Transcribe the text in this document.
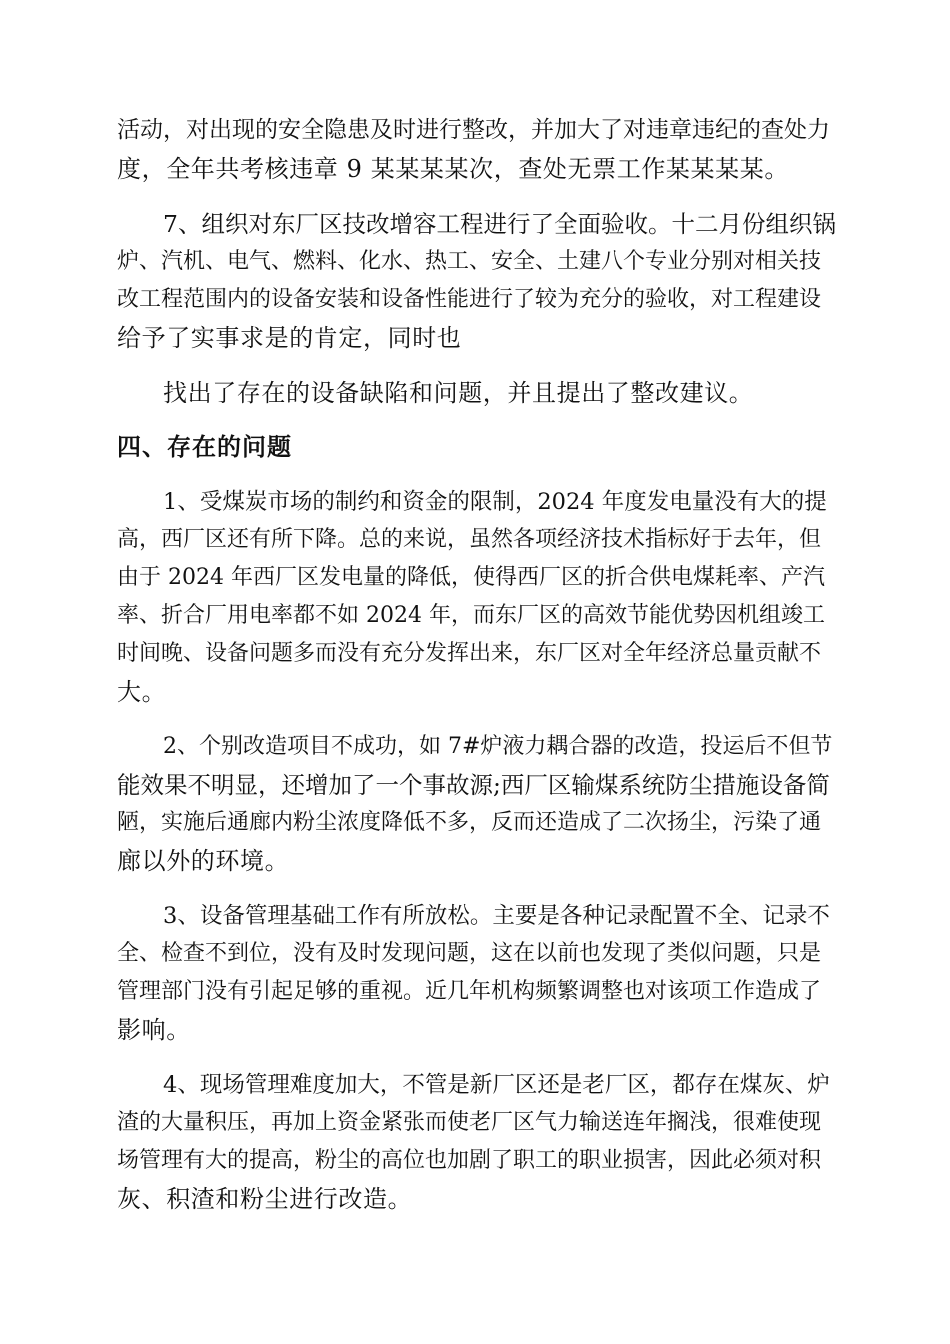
活动，对出现的安全隐患及时进行整改，并加大了对违章违纪的查处力
度，全年共考核违章 9 某某某某次，查处无票工作某某某某。
7、组织对东厂区技改增容工程进行了全面验收。十二月份组织锅
炉、汽机、电气、燃料、化水、热工、安全、土建八个专业分别对相关技
改工程范围内的设备安装和设备性能进行了较为充分的验收，对工程建设
给予了实事求是的肯定，同时也
找出了存在的设备缺陷和问题，并且提出了整改建议。
四、存在的问题
1、受煤炭市场的制约和资金的限制，2024 年度发电量没有大的提
高，西厂区还有所下降。总的来说，虽然各项经济技术指标好于去年，但
由于 2024 年西厂区发电量的降低，使得西厂区的折合供电煤耗率、产汽
率、折合厂用电率都不如 2024 年，而东厂区的高效节能优势因机组竣工
时间晚、设备问题多而没有充分发挥出来，东厂区对全年经济总量贡献不
大。
2、个别改造项目不成功，如 7#炉液力耦合器的改造，投运后不但节
能效果不明显，还增加了一个事故源;西厂区输煤系统防尘措施设备简
陋，实施后通廊内粉尘浓度降低不多，反而还造成了二次扬尘，污染了通
廊以外的环境。
3、设备管理基础工作有所放松。主要是各种记录配置不全、记录不
全、检查不到位，没有及时发现问题，这在以前也发现了类似问题，只是
管理部门没有引起足够的重视。近几年机构频繁调整也对该项工作造成了
影响。
4、现场管理难度加大，不管是新厂区还是老厂区，都存在煤灰、炉
渣的大量积压，再加上资金紧张而使老厂区气力输送连年搁浅，很难使现
场管理有大的提高，粉尘的高位也加剧了职工的职业损害，因此必须对积
灰、积渣和粉尘进行改造。
